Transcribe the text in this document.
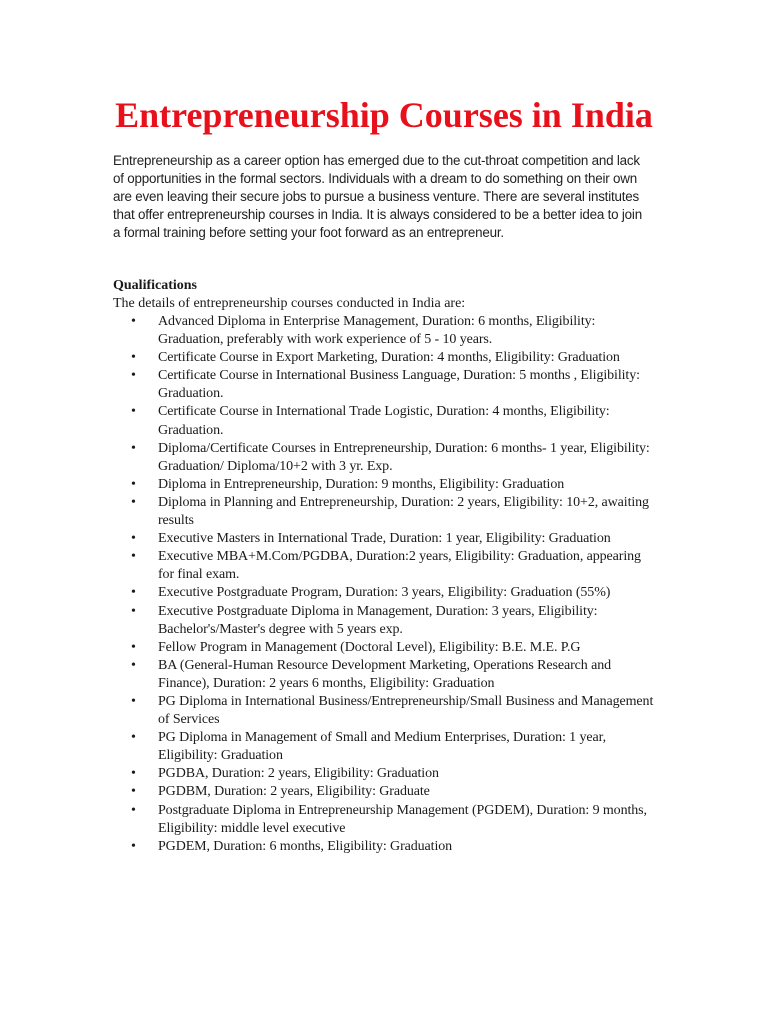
Entrepreneurship Courses in India

Entrepreneurship as a career option has emerged due to the cut-throat competition and lack of opportunities in the formal sectors. Individuals with a dream to do something on their own are even leaving their secure jobs to pursue a business venture. There are several institutes that offer entrepreneurship courses in India. It is always considered to be a better idea to join a formal training before setting your foot forward as an entrepreneur.

Qualifications

The details of entrepreneurship courses conducted in India are:

• Advanced Diploma in Enterprise Management, Duration: 6 months, Eligibility: Graduation, preferably with work experience of 5 - 10 years.
• Certificate Course in Export Marketing, Duration: 4 months, Eligibility: Graduation
• Certificate Course in International Business Language, Duration: 5 months , Eligibility: Graduation.
• Certificate Course in International Trade Logistic, Duration: 4 months, Eligibility: Graduation.
• Diploma/Certificate Courses in Entrepreneurship, Duration: 6 months- 1 year, Eligibility: Graduation/ Diploma/10+2 with 3 yr. Exp.
• Diploma in Entrepreneurship, Duration: 9 months, Eligibility: Graduation
• Diploma in Planning and Entrepreneurship, Duration: 2 years, Eligibility: 10+2, awaiting results
• Executive Masters in International Trade, Duration: 1 year, Eligibility: Graduation
• Executive MBA+M.Com/PGDBA, Duration:2 years, Eligibility: Graduation, appearing for final exam.
• Executive Postgraduate Program, Duration: 3 years, Eligibility: Graduation (55%)
• Executive Postgraduate Diploma in Management, Duration: 3 years, Eligibility: Bachelor's/Master's degree with 5 years exp.
• Fellow Program in Management (Doctoral Level), Eligibility: B.E. M.E. P.G
• BA (General-Human Resource Development Marketing, Operations Research and Finance), Duration: 2 years 6 months, Eligibility: Graduation
• PG Diploma in International Business/Entrepreneurship/Small Business and Management of Services
• PG Diploma in Management of Small and Medium Enterprises, Duration: 1 year, Eligibility: Graduation
• PGDBA, Duration: 2 years, Eligibility: Graduation
• PGDBM, Duration: 2 years, Eligibility: Graduate
• Postgraduate Diploma in Entrepreneurship Management (PGDEM), Duration: 9 months, Eligibility: middle level executive
• PGDEM, Duration: 6 months, Eligibility: Graduation
